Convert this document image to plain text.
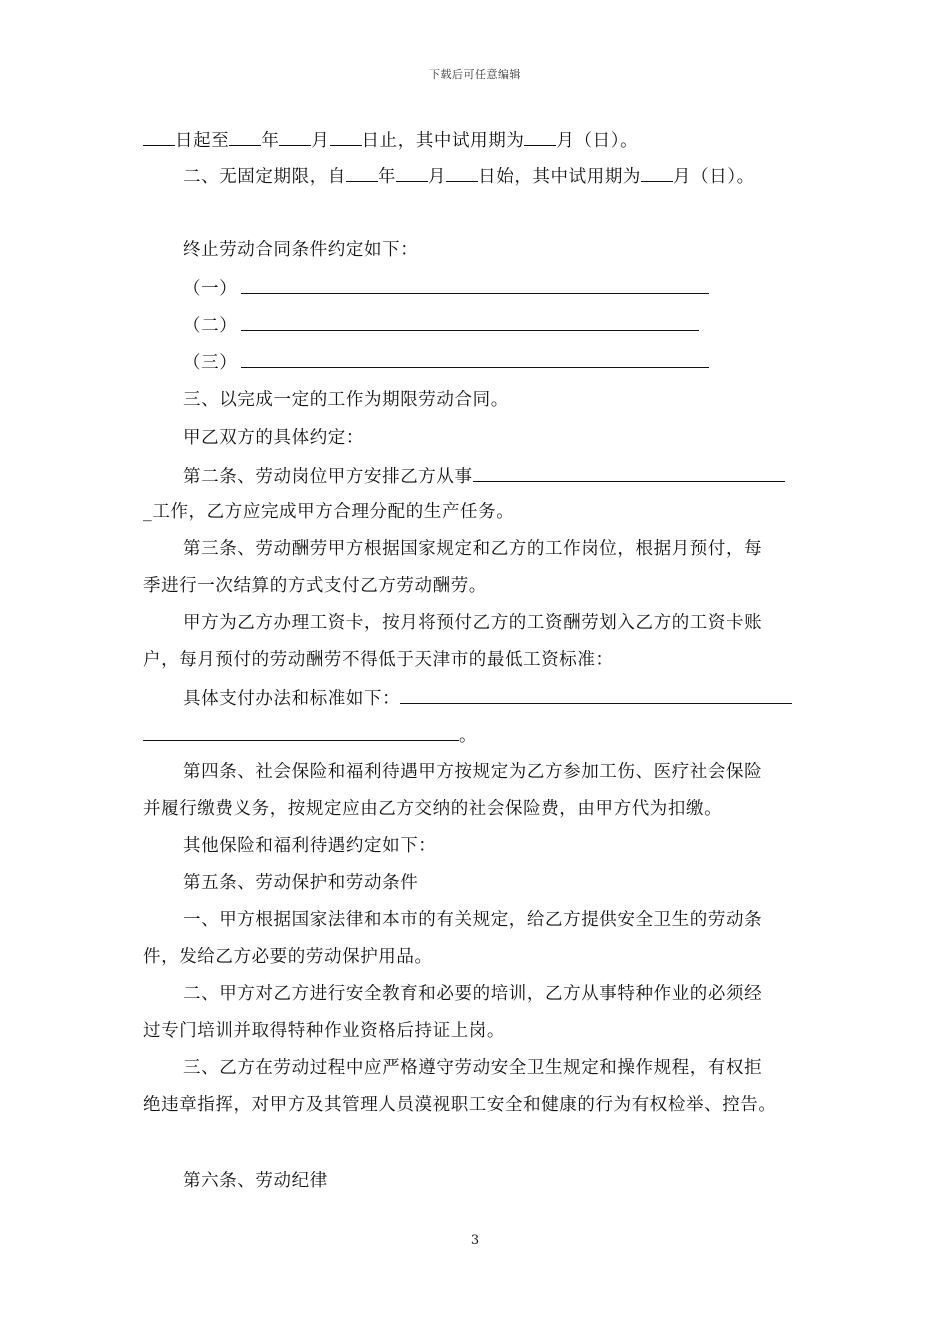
下载后可任意编辑
日起至 年 月 日止，其中试用期为 月（日）。
二、无固定期限，自 年 月 日始，其中试用期为 月（日）。
终止劳动合同条件约定如下：
（一）
（二）
（三）
三、以完成一定的工作为期限劳动合同。
甲乙双方的具体约定：
第二条、劳动岗位甲方安排乙方从事
_工作，乙方应完成甲方合理分配的生产任务。
第三条、劳动酬劳甲方根据国家规定和乙方的工作岗位，根据月预付，每
季进行一次结算的方式支付乙方劳动酬劳。
甲方为乙方办理工资卡，按月将预付乙方的工资酬劳划入乙方的工资卡账
户，每月预付的劳动酬劳不得低于天津市的最低工资标准：
具体支付办法和标准如下：
。
第四条、社会保险和福利待遇甲方按规定为乙方参加工伤、医疗社会保险
并履行缴费义务，按规定应由乙方交纳的社会保险费，由甲方代为扣缴。
其他保险和福利待遇约定如下：
第五条、劳动保护和劳动条件
一、甲方根据国家法律和本市的有关规定，给乙方提供安全卫生的劳动条
件，发给乙方必要的劳动保护用品。
二、甲方对乙方进行安全教育和必要的培训，乙方从事特种作业的必须经
过专门培训并取得特种作业资格后持证上岗。
三、乙方在劳动过程中应严格遵守劳动安全卫生规定和操作规程，有权拒
绝违章指挥，对甲方及其管理人员漠视职工安全和健康的行为有权检举、控告。
第六条、劳动纪律
3
